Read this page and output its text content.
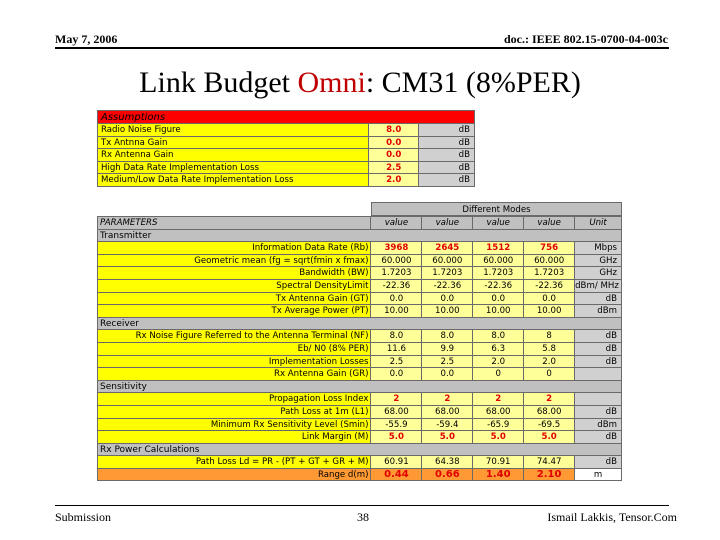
May 7, 2006	doc.: IEEE 802.15-0700-04-003c
Link Budget Omni: CM31 (8%PER)
Assumptions
Radio Noise Figure	8.0	dB
Tx Antnna Gain	0.0	dB
Rx Antenna Gain	0.0	dB
High Data Rate Implementation Loss	2.5	dB
Medium/Low Data Rate Implementation Loss	2.0	dB
Different Modes
PARAMETERS	value	value	value	value	Unit
Transmitter
Information Data Rate (Rb)	3968	2645	1512	756	Mbps
Geometric mean (fg = sqrt(fmin x fmax)	60.000	60.000	60.000	60.000	GHz
Bandwidth (BW)	1.7203	1.7203	1.7203	1.7203	GHz
Spectral DensityLimit	-22.36	-22.36	-22.36	-22.36	dBm/ MHz
Tx Antenna Gain (GT)	0.0	0.0	0.0	0.0	dB
Tx Average Power (PT)	10.00	10.00	10.00	10.00	dBm
Receiver
Rx Noise Figure Referred to the Antenna Terminal (NF)	8.0	8.0	8.0	8	dB
Eb/ N0 (8% PER)	11.6	9.9	6.3	5.8	dB
Implementation Losses	2.5	2.5	2.0	2.0	dB
Rx Antenna Gain (GR)	0.0	0.0	0	0
Sensitivity
Propagation Loss Index	2	2	2	2
Path Loss at 1m (L1)	68.00	68.00	68.00	68.00	dB
Minimum Rx Sensitivity Level (Smin)	-55.9	-59.4	-65.9	-69.5	dBm
Link Margin (M)	5.0	5.0	5.0	5.0	dB
Rx Power Calculations
Path Loss Ld = PR - (PT + GT + GR + M)	60.91	64.38	70.91	74.47	dB
Range d(m)	0.44	0.66	1.40	2.10	m
Submission	38	Ismail Lakkis, Tensor.Com
